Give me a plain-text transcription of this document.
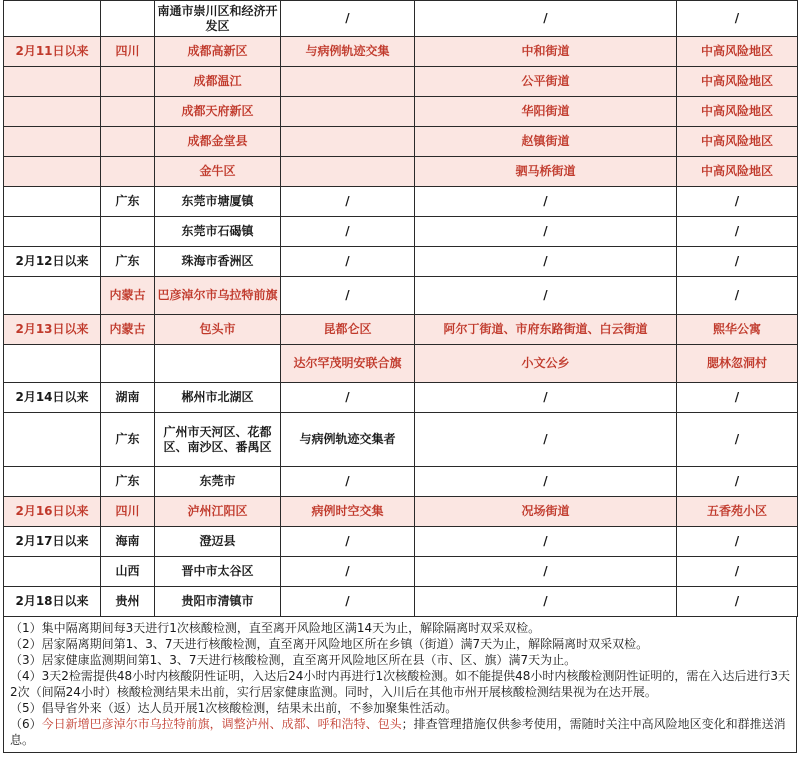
		南通市崇川区和经济开发区	/	/	/
2月11日以来	四川	成都高新区	与病例轨迹交集	中和街道	中高风险地区
		成都温江		公平街道	中高风险地区
		成都天府新区		华阳街道	中高风险地区
		成都金堂县		赵镇街道	中高风险地区
		金牛区		驷马桥街道	中高风险地区
	广东	东莞市塘厦镇	/	/	/
		东莞市石碣镇	/	/	/
2月12日以来	广东	珠海市香洲区	/	/	/
	内蒙古	巴彦淖尔市乌拉特前旗	/	/	/
2月13日以来	内蒙古	包头市	昆都仑区	阿尔丁街道、市府东路街道、白云街道	熙华公寓
			达尔罕茂明安联合旗	小文公乡	腮林忽洞村
2月14日以来	湖南	郴州市北湖区	/	/	/
	广东	广州市天河区、花都区、南沙区、番禺区	与病例轨迹交集者	/	/
	广东	东莞市	/	/	/
2月16日以来	四川	泸州江阳区	病例时空交集	况场街道	五香苑小区
2月17日以来	海南	澄迈县	/	/	/
	山西	晋中市太谷区	/	/	/
2月18日以来	贵州	贵阳市清镇市	/	/	/

（1）集中隔离期间每3天进行1次核酸检测，直至离开风险地区满14天为止，解除隔离时双采双检。

（2）居家隔离期间第1、3、7天进行核酸检测，直至离开风险地区所在乡镇（街道）满7天为止，解除隔离时双采双检。

（3）居家健康监测期间第1、3、7天进行核酸检测，直至离开风险地区所在县（市、区、旗）满7天为止。

（4）3天2检需提供48小时内核酸阴性证明，入达后24小时内再进行1次核酸检测。如不能提供48小时内核酸检测阴性证明的，需在入达后进行3天2次（间隔24小时）核酸检测结果未出前，实行居家健康监测。同时，入川后在其他市州开展核酸检测结果视为在达开展。

（5）倡导省外来（返）达人员开展1次核酸检测，结果未出前，不参加聚集性活动。

（6）今日新增巴彦淖尔市乌拉特前旗，调整泸州、成都、呼和浩特、包头；排查管理措施仅供参考使用，需随时关注中高风险地区变化和群推送消息。
